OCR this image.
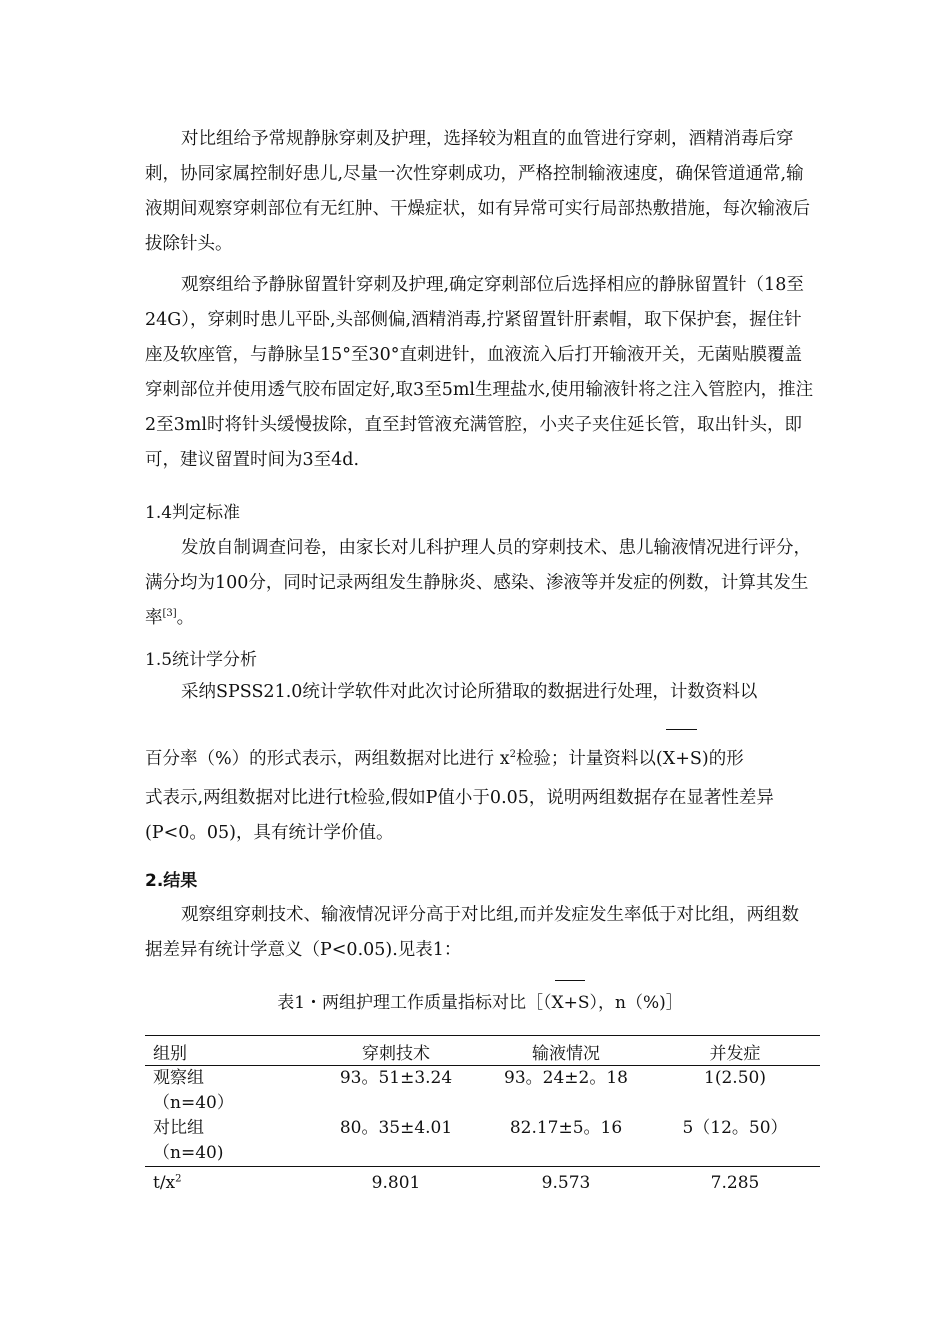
对比组给予常规静脉穿刺及护理，选择较为粗直的血管进行穿刺，酒精消毒后穿刺，协同家属控制好患儿,尽量一次性穿刺成功，严格控制输液速度，确保管道通常,输液期间观察穿刺部位有无红肿、干燥症状，如有异常可实行局部热敷措施，每次输液后拔除针头。

观察组给予静脉留置针穿刺及护理,确定穿刺部位后选择相应的静脉留置针（18至24G），穿刺时患儿平卧,头部侧偏,酒精消毒,拧紧留置针肝素帽，取下保护套，握住针座及软座管，与静脉呈15°至30°直刺进针，血液流入后打开输液开关，无菌贴膜覆盖穿刺部位并使用透气胶布固定好,取3至5ml生理盐水,使用输液针将之注入管腔内，推注2至3ml时将针头缓慢拔除，直至封管液充满管腔，小夹子夹住延长管，取出针头，即可，建议留置时间为3至4d.

1.4判定标准

发放自制调查问卷，由家长对儿科护理人员的穿刺技术、患儿输液情况进行评分，满分均为100分，同时记录两组发生静脉炎、感染、渗液等并发症的例数，计算其发生率[3]。

1.5统计学分析

采纳SPSS21.0统计学软件对此次讨论所猎取的数据进行处理，计数资料以

百分率（%）的形式表示，两组数据对比进行 $x^2$检验；计量资料以(X+S)的形

式表示,两组数据对比进行t检验,假如P值小于0.05，说明两组数据存在显著性差异(P<0。05)，具有统计学价值。

2.结果

观察组穿刺技术、输液情况评分高于对比组,而并发症发生率低于对比组，两组数据差异有统计学意义（P<0.05).见表1：

表1・两组护理工作质量指标对比［（X+S），n（%)］

组别	穿刺技术	输液情况	并发症

观察组
（n=40）	93。51±3.24	93。24±2。18	1(2.50)

对比组
（n=40)	80。35±4.01	82.17±5。16	5（12。50）
$t/x^2$	9.801	9.573	7.285
